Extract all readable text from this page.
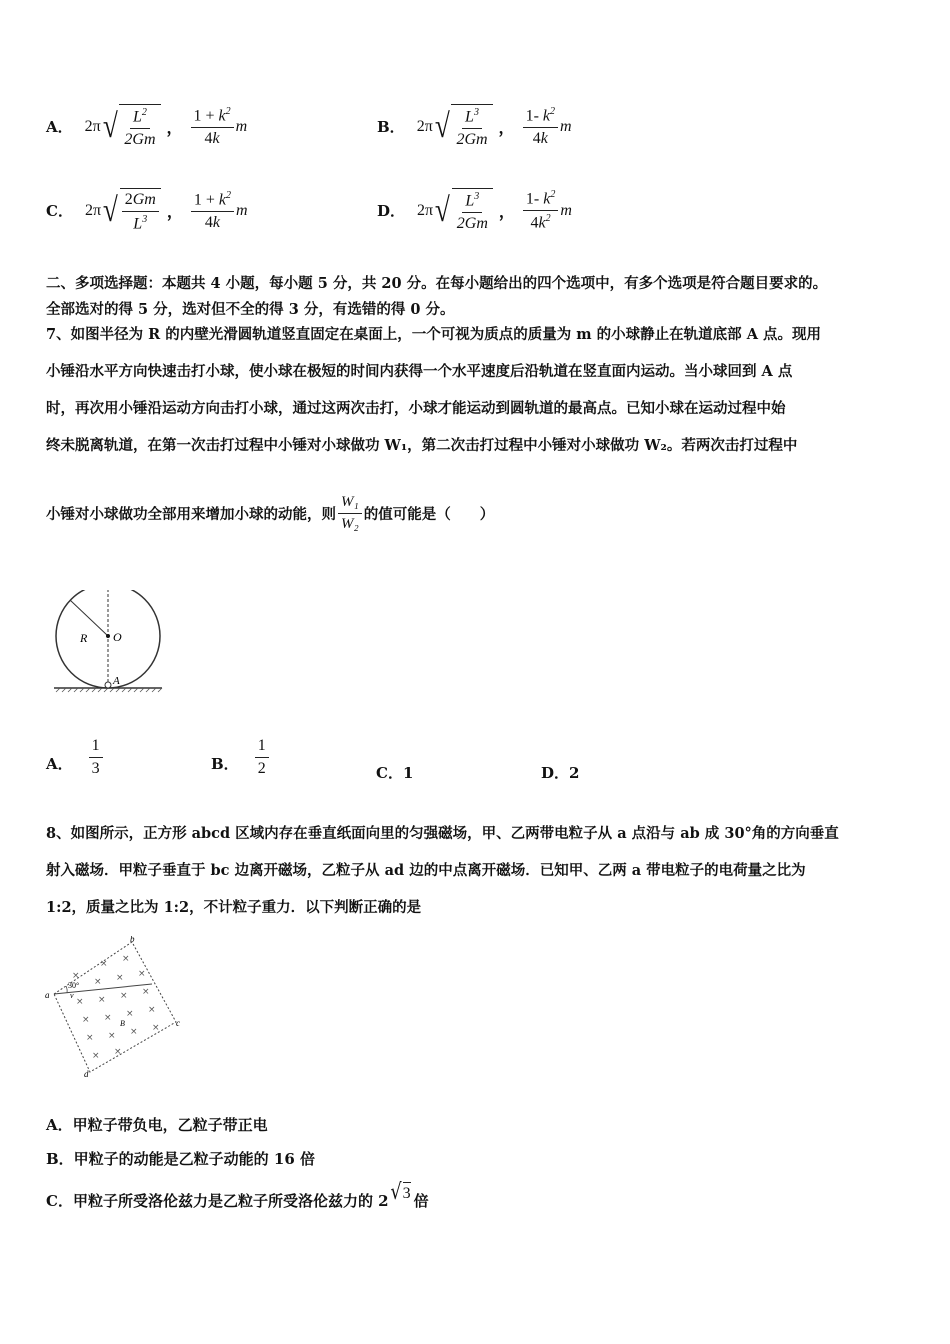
A． 2π √ $\frac{L^2}{2Gm}$ ， $\frac{1 + k^2}{4k}$ m	B． 2π √ $\frac{L^3}{2Gm}$ ， $\frac{1- k^2}{4k}$ m
C． 2π √ $\frac{2Gm}{L^3}$ ， $\frac{1 + k^2}{4k}$ m	D． 2π √ $\frac{L^3}{2Gm}$ ， $\frac{1- k^2}{4k^2}$ m
二、多项选择题：本题共 4 小题，每小题 5 分，共 20 分。在每小题给出的四个选项中，有多个选项是符合题目要求的。
全部选对的得 5 分，选对但不全的得 3 分，有选错的得 0 分。
7、如图半径为 R 的内壁光滑圆轨道竖直固定在桌面上，一个可视为质点的质量为 m 的小球静止在轨道底部 A 点。现用
小锤沿水平方向快速击打小球，使小球在极短的时间内获得一个水平速度后沿轨道在竖直面内运动。当小球回到 A 点
时，再次用小锤沿运动方向击打小球，通过这两次击打，小球才能运动到圆轨道的最高点。已知小球在运动过程中始
终未脱离轨道，在第一次击打过程中小锤对小球做功 W₁，第二次击打过程中小锤对小球做功 W₂。若两次击打过程中
小锤对小球做功全部用来增加小球的动能，则 $\frac{\text{W₁}}{\text{W₂}}$ 的值可能是（　　）
R O
A
A． $\frac{1}{3}$	B． $\frac{1}{2}$	C．1	D．2
8、如图所示，正方形 abcd 区域内存在垂直纸面向里的匀强磁场，甲、乙两带电粒子从 a 点沿与 ab 成 30°角的方向垂直
射入磁场．甲粒子垂直于 bc 边离开磁场，乙粒子从 ad 边的中点离开磁场．已知甲、乙两 a 带电粒子的电荷量之比为
1:2，质量之比为 1:2，不计粒子重力．以下判断正确的是
× ×
×
× × ×
× × × ×
× × × ×
× × × ×
× ×
a
b
c
d
30°
v
B
A．甲粒子带负电，乙粒子带正电
B．甲粒子的动能是乙粒子动能的 16 倍
C．甲粒子所受洛伦兹力是乙粒子所受洛伦兹力的 2 √ 3 倍
